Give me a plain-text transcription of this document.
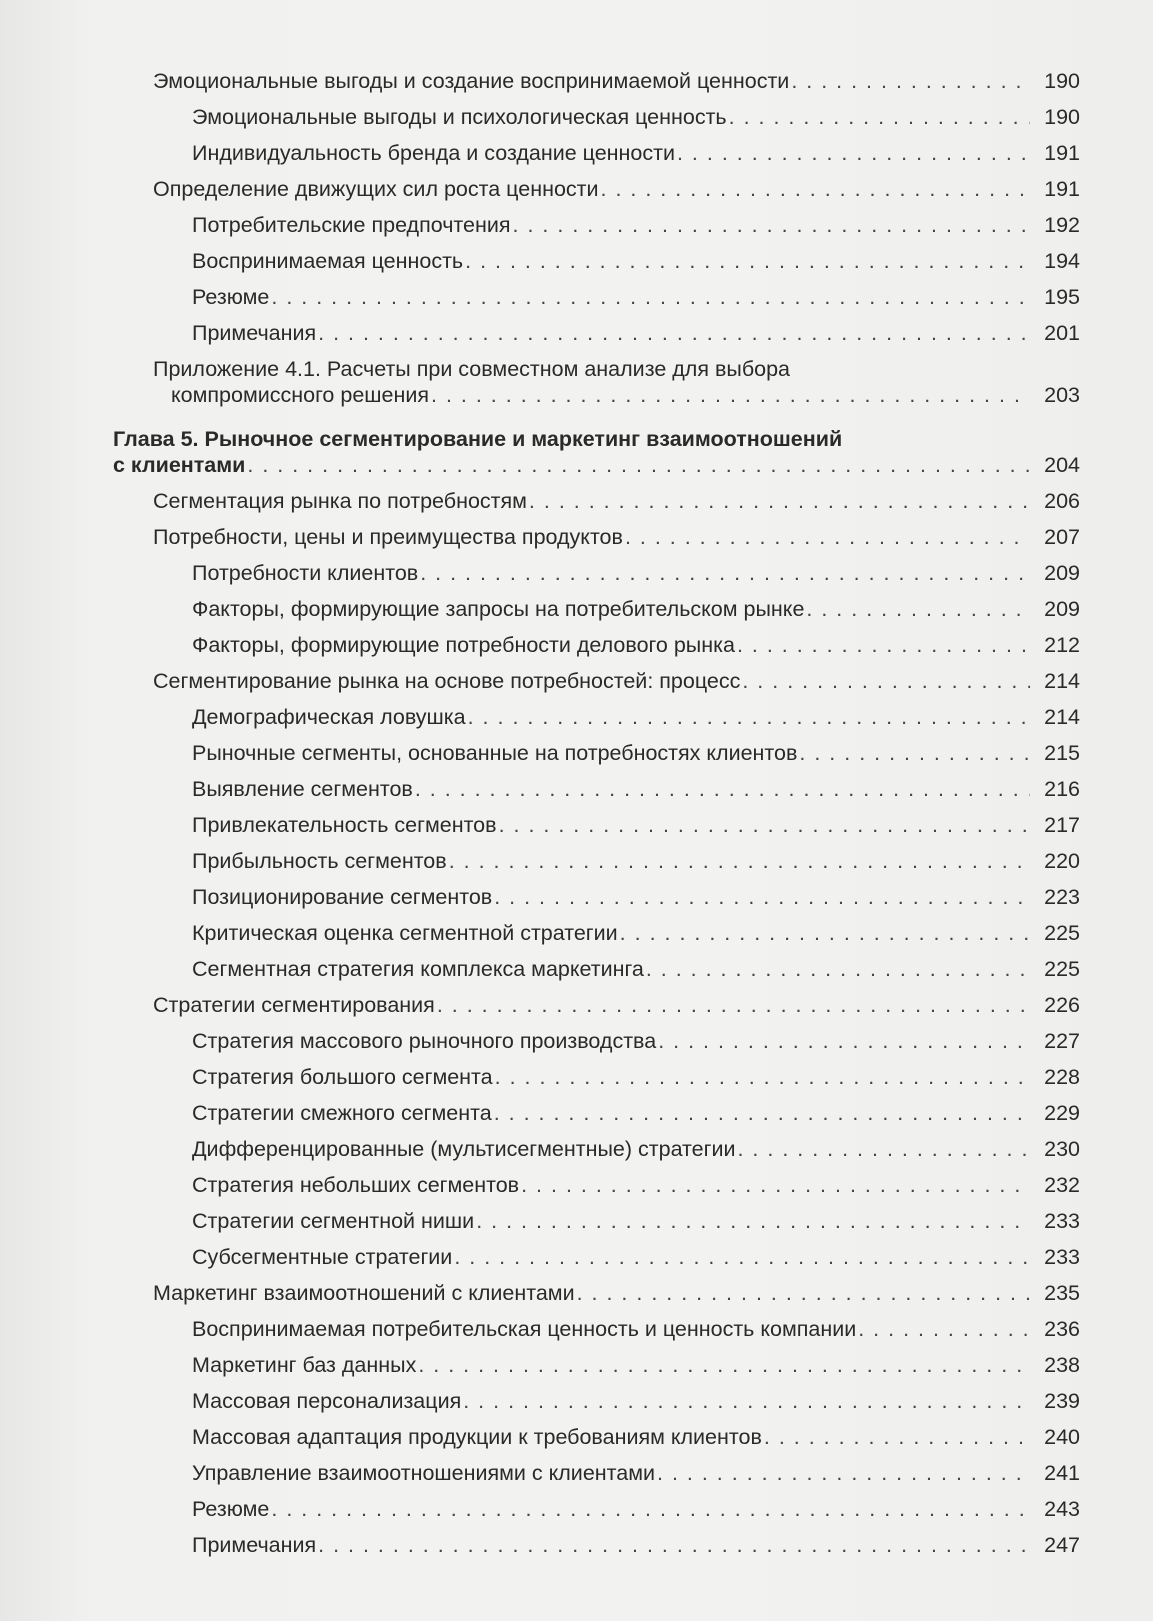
Эмоциональные выгоды и создание воспринимаемой ценности . . .	190
Эмоциональные выгоды и психологическая ценность . . .	190
Индивидуальность бренда и создание ценности . . .	191
Определение движущих сил роста ценности . . .	191
Потребительские предпочтения . . .	192
Воспринимаемая ценность . . .	194
Резюме . . .	195
Примечания . . .	201
Приложение 4.1. Расчеты при совместном анализе для выбора
компромиссного решения . . .	203
Глава 5. Рыночное сегментирование и маркетинг взаимоотношений
с клиентами . . .	204
Сегментация рынка по потребностям . . .	206
Потребности, цены и преимущества продуктов . . .	207
Потребности клиентов . . .	209
Факторы, формирующие запросы на потребительском рынке . . .	209
Факторы, формирующие потребности делового рынка . . .	212
Сегментирование рынка на основе потребностей: процесс . . .	214
Демографическая ловушка . . .	214
Рыночные сегменты, основанные на потребностях клиентов . . .	215
Выявление сегментов . . .	216
Привлекательность сегментов . . .	217
Прибыльность сегментов . . .	220
Позиционирование сегментов . . .	223
Критическая оценка сегментной стратегии . . .	225
Сегментная стратегия комплекса маркетинга . . .	225
Стратегии сегментирования . . .	226
Стратегия массового рыночного производства . . .	227
Стратегия большого сегмента . . .	228
Стратегии смежного сегмента . . .	229
Дифференцированные (мультисегментные) стратегии . . .	230
Стратегия небольших сегментов . . .	232
Стратегии сегментной ниши . . .	233
Субсегментные стратегии . . .	233
Маркетинг взаимоотношений с клиентами . . .	235
Воспринимаемая потребительская ценность и ценность компании . . .	236
Маркетинг баз данных . . .	238
Массовая персонализация . . .	239
Массовая адаптация продукции к требованиям клиентов . . .	240
Управление взаимоотношениями с клиентами . . .	241
Резюме . . .	243
Примечания . . .	247
